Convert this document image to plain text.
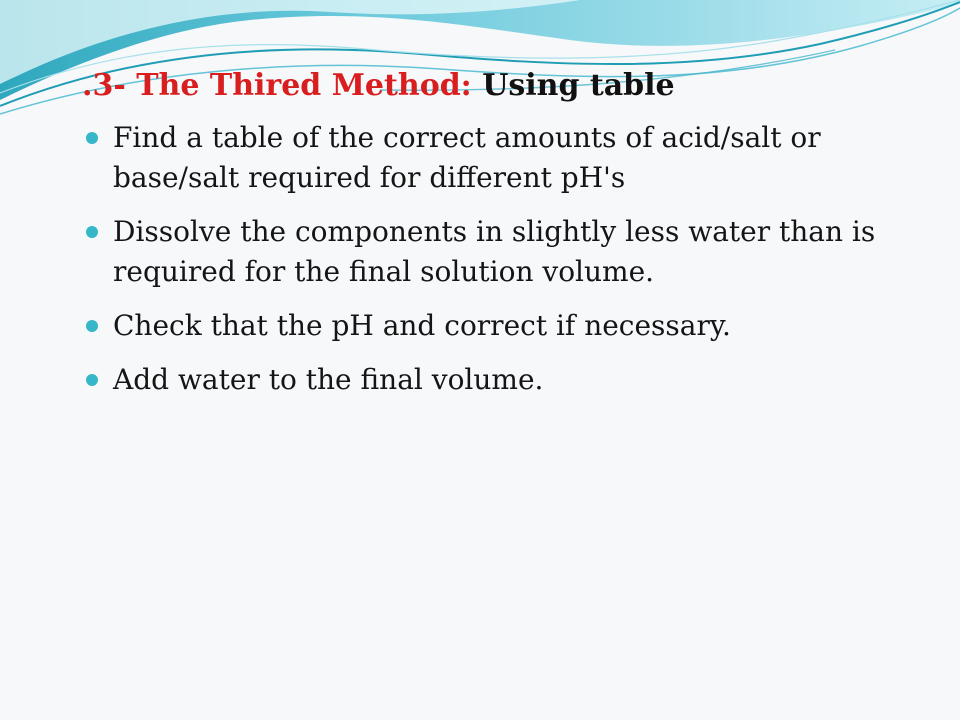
.3- The Thired Method: Using table
Find a table of the correct amounts of acid/salt or base/salt required for different pH's
Dissolve the components in slightly less water than is required for the final solution volume.
Check that the pH and correct if necessary.
Add water to the final volume.
